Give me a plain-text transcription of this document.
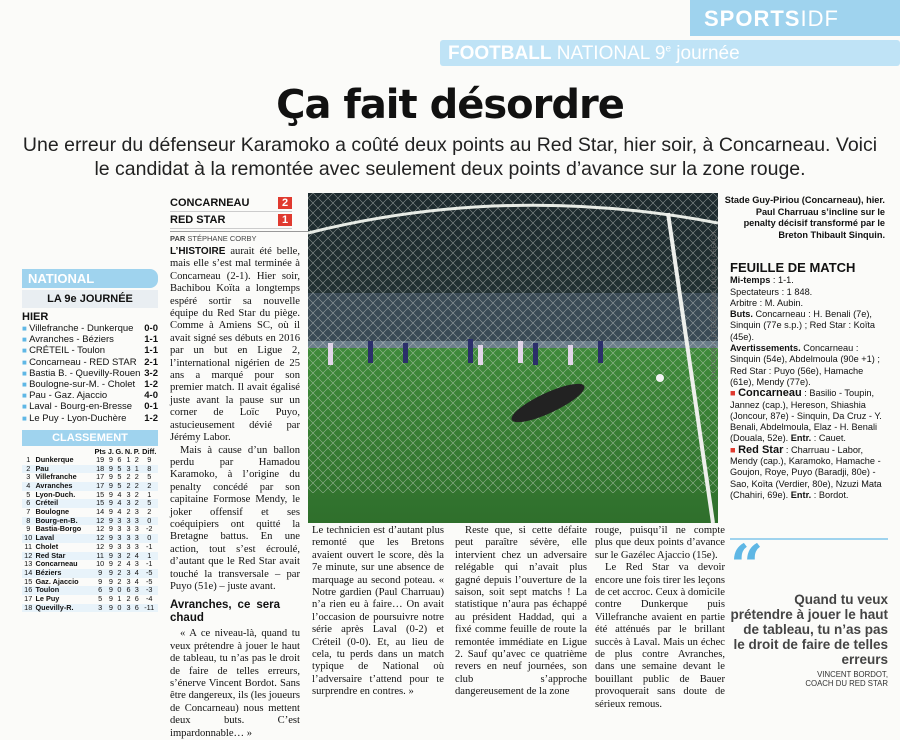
SPORTSIDF
FOOTBALL NATIONAL 9e journée
Ça fait désordre
Une erreur du défenseur Karamoko a coûté deux points au Red Star, hier soir, à Concarneau. Voici le candidat à la remontée avec seulement deux points d’avance sur la zone rouge.
CONCARNEAU	2
RED STAR	1
PAR STÉPHANE CORBY
L’HISTOIRE aurait été belle, mais elle s’est mal terminée à Concarneau (2-1). Hier soir, Bachibou Koïta a longtemps espéré sortir sa nouvelle équipe du Red Star du piège. Comme à Amiens SC, où il avait signé ses débuts en 2016 par un but en Ligue 2, l’international nigérien de 25 ans a marqué pour son premier match. Il avait égalisé juste avant la pause sur un corner de Loïc Puyo, astucieusement dévié par Jérémy Labor.
Mais à cause d’un ballon perdu par Hamadou Karamoko, à l’origine du penalty concédé par son capitaine Formose Mendy, le joker offensif et ses coéquipiers ont quitté la Bretagne battus. En une action, tout s’est écroulé, d’autant que le Red Star avait touché la transversale – par Puyo (51e) – juste avant.
Avranches, ce sera chaud
« A ce niveau-là, quand tu veux prétendre à jouer le haut de tableau, tu n’as pas le droit de faire de telles erreurs, s’énerve Vincent Bordot. Sans être dangereux, ils (les joueurs de Concarneau) nous mettent deux buts. C’est impardonnable… »
Le technicien est d’autant plus remonté que les Bretons avaient ouvert le score, dès la 7e minute, sur une absence de marquage au second poteau. « Notre gardien (Paul Charruau) n’a rien eu à faire… On avait l’occasion de poursuivre notre série après Laval (0-2) et Créteil (0-0). Et, au lieu de cela, tu perds dans un match typique de National où l’adversaire t’attend pour te surprendre en contres. »
Reste que, si cette défaite peut paraître sévère, elle intervient chez un adversaire relégable qui n’avait plus gagné depuis l’ouverture de la saison, soit sept matchs ! La statistique n’aura pas échappé au président Haddad, qui a fixé comme feuille de route la remontée immédiate en Ligue 2. Sauf qu’avec ce quatrième revers en neuf journées, son club s’approche dangereusement de la zone
rouge, puisqu’il ne compte plus que deux points d’avance sur le Gazélec Ajaccio (15e).
Le Red Star va devoir encore une fois tirer les leçons de cet accroc. Ceux à domicile contre Dunkerque puis Villefranche avaient en partie été atténués par le brillant succès à Laval. Mais un échec de plus contre Avranches, dans une semaine devant le bouillant public de Bauer provoquerait sans doute de sérieux remous.
NATIONAL
LA 9e JOURNÉE
HIER
■ Villefranche - Dunkerque 0-0
■ Avranches - Béziers	1-1
■ CRÉTEIL - Toulon	1-1
■ Concarneau - RED STAR 2-1
■ Bastia B. - Quevilly-Rouen 3-2
■ Boulogne-sur-M. - Cholet 1-2
■ Pau - Gaz. Ajaccio	4-0
■ Laval - Bourg-en-Bresse 0-1
■ Le Puy - Lyon-Duchère 1-2
CLASSEMENT
		Pts	J.	G.	N.	P.	Diff.
1	Dunkerque	19	9	6	1	2	9
2	Pau	18	9	5	3	1	8
3	Villefranche	17	9	5	2	2	5
4	Avranches	17	9	5	2	2	2
5	Lyon-Duch.	15	9	4	3	2	1
6	Créteil	15	9	4	3	2	5
7	Boulogne	14	9	4	2	3	2
8	Bourg-en-B.	12	9	3	3	3	0
9	Bastia-Borgo	12	9	3	3	3	-2
10	Laval	12	9	3	3	3	0
11	Cholet	12	9	3	3	3	-1
12	Red Star	11	9	3	2	4	1
13	Concarneau	10	9	2	4	3	-1
14	Béziers	9	9	2	3	4	-5
15	Gaz. Ajaccio	9	9	2	3	4	-5
16	Toulon	6	9	0	6	3	-3
17	Le Puy	5	9	1	2	6	-4
18	Quevilly-R.	3	9	0	3	6	-11
Stade Guy-Piriou (Concarneau), hier. Paul Charruau s’incline sur le penalty décisif transformé par le Breton Thibault Sinquin.
PHOTOPQR / LE TÉLÉGRAMME / NICOLAS CREACH FEUILLE DE MATCH
Mi-temps : 1-1.
Spectateurs : 1 848.
Arbitre : M. Aubin.
Buts. Concarneau : H. Benali (7e), Sinquin (77e s.p.) ; Red Star : Koïta (45e).
Avertissements. Concarneau : Sinquin (54e), Abdelmoula (90e +1) ; Red Star : Puyo (56e), Hamache (61e), Mendy (77e).
■ Concarneau : Basilio - Toupin, Jannez (cap.), Hereson, Shiashia (Joncour, 87e) - Sinquin, Da Cruz - Y. Benali, Abdelmoula, Elaz - H. Benali (Douala, 52e). Entr. : Cauet.
■ Red Star : Charruau - Labor, Mendy (cap.), Karamoko, Hamache - Goujon, Roye, Puyo (Baradji, 80e) - Sao, Koïta (Verdier, 80e), Nzuzi Mata (Chahiri, 69e). Entr. : Bordot.
“	Quand tu veux prétendre à jouer le haut de tableau, tu n’as pas le droit de faire de telles erreurs
VINCENT BORDOT,
COACH DU RED STAR
